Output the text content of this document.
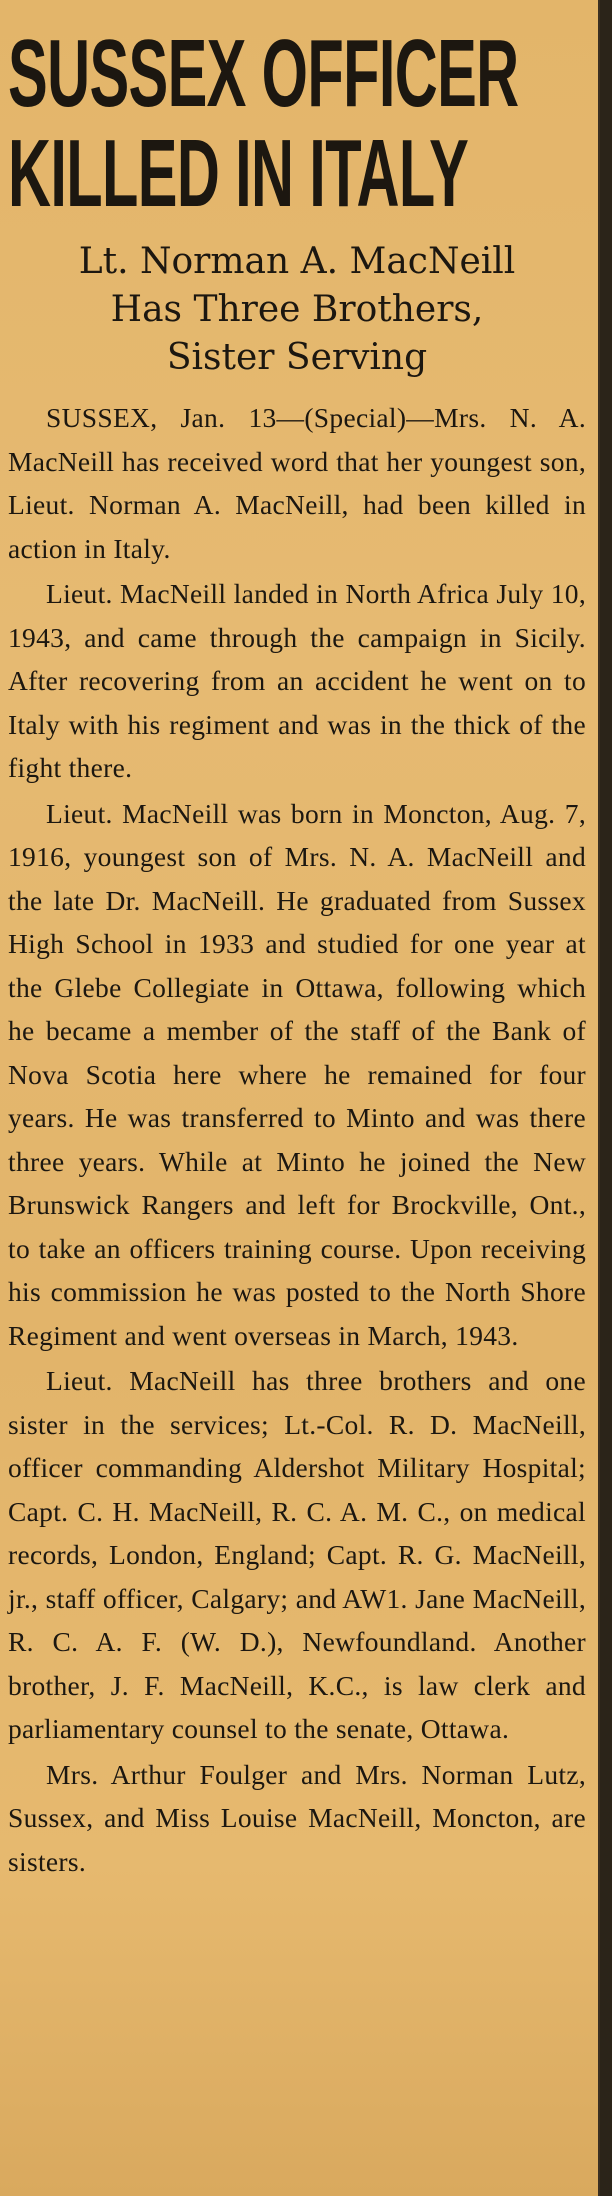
SUSSEX OFFICER
KILLED IN ITALY
Lt. Norman A. MacNeill
Has Three Brothers,
Sister Serving

SUSSEX, Jan. 13—(Special)—Mrs. N. A. MacNeill has received word that her youngest son, Lieut. Norman A. MacNeill, had been killed in action in Italy.

Lieut. MacNeill landed in North Africa July 10, 1943, and came through the campaign in Sicily. After recovering from an accident he went on to Italy with his regiment and was in the thick of the fight there.

Lieut. MacNeill was born in Moncton, Aug. 7, 1916, youngest son of Mrs. N. A. MacNeill and the late Dr. MacNeill. He graduated from Sussex High School in 1933 and studied for one year at the Glebe Collegiate in Ottawa, following which he became a member of the staff of the Bank of Nova Scotia here where he remained for four years. He was transferred to Minto and was there three years. While at Minto he joined the New Brunswick Rangers and left for Brockville, Ont., to take an officers training course. Upon receiving his commission he was posted to the North Shore Regiment and went overseas in March, 1943.

Lieut. MacNeill has three brothers and one sister in the services; Lt.-Col. R. D. MacNeill, officer commanding Aldershot Military Hospital; Capt. C. H. MacNeill, R. C. A. M. C., on medical records, London, England; Capt. R. G. MacNeill, jr., staff officer, Calgary; and AW1. Jane MacNeill, R. C. A. F. (W. D.), Newfoundland. Another brother, J. F. MacNeill, K.C., is law clerk and parliamentary counsel to the senate, Ottawa.

Mrs. Arthur Foulger and Mrs. Norman Lutz, Sussex, and Miss Louise MacNeill, Moncton, are sisters.
